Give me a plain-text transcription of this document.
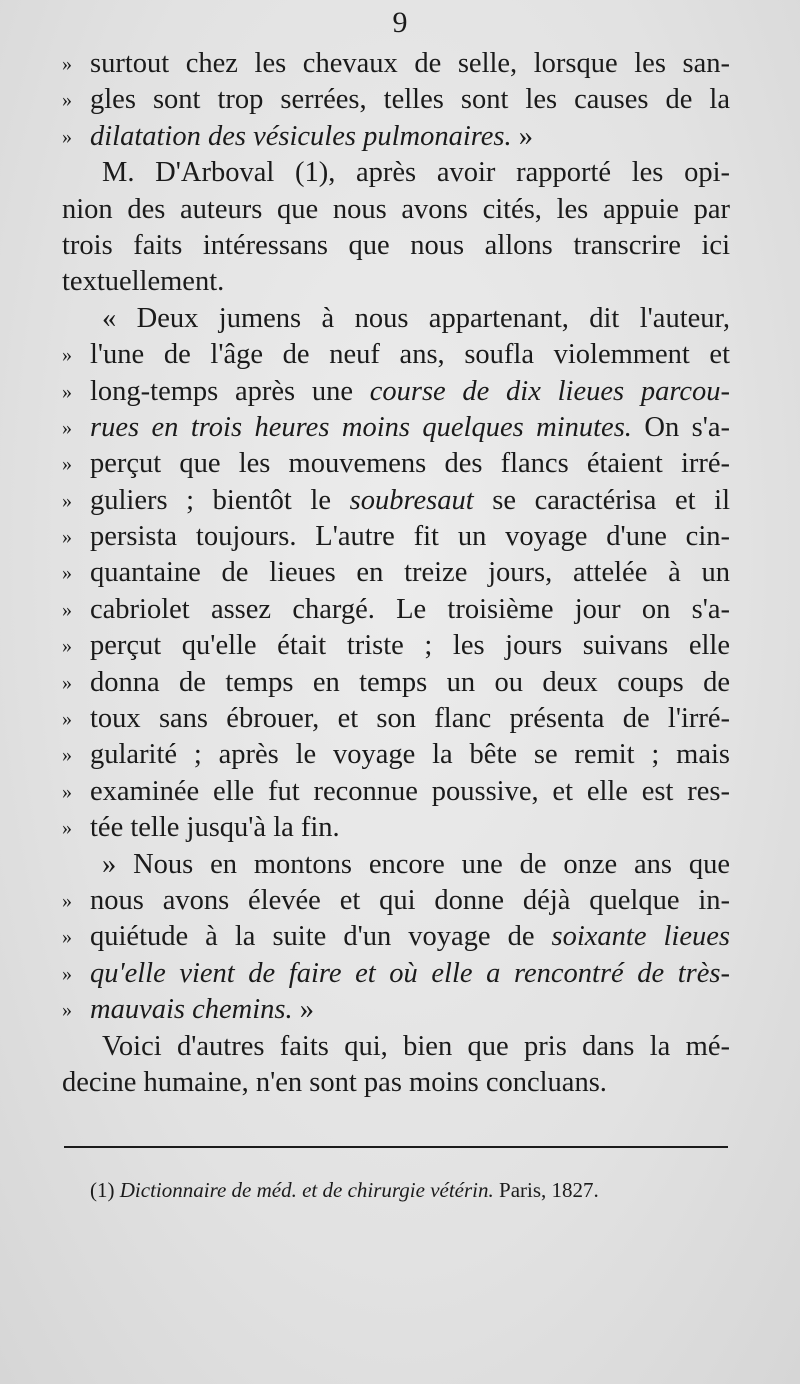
9
» surtout chez les chevaux de selle, lorsque les san-
» gles sont trop serrées, telles sont les causes de la
» dilatation des vésicules pulmonaires. »
M. D'Arboval (1), après avoir rapporté les opi-
nion des auteurs que nous avons cités, les appuie par
trois faits intéressans que nous allons transcrire ici
textuellement.
« Deux jumens à nous appartenant, dit l'auteur,
» l'une de l'âge de neuf ans, soufla violemment et
» long-temps après une course de dix lieues parcou-
» rues en trois heures moins quelques minutes. On s'a-
» perçut que les mouvemens des flancs étaient irré-
» guliers ; bientôt le soubresaut se caractérisa et il
» persista toujours. L'autre fit un voyage d'une cin-
» quantaine de lieues en treize jours, attelée à un
» cabriolet assez chargé. Le troisième jour on s'a-
» perçut qu'elle était triste ; les jours suivans elle
» donna de temps en temps un ou deux coups de
» toux sans ébrouer, et son flanc présenta de l'irré-
» gularité ; après le voyage la bête se remit ; mais
» examinée elle fut reconnue poussive, et elle est res-
» tée telle jusqu'à la fin.
» Nous en montons encore une de onze ans que
» nous avons élevée et qui donne déjà quelque in-
» quiétude à la suite d'un voyage de soixante lieues
» qu'elle vient de faire et où elle a rencontré de très-
» mauvais chemins. »
Voici d'autres faits qui, bien que pris dans la mé-
decine humaine, n'en sont pas moins concluans.
(1) Dictionnaire de méd. et de chirurgie vétérin. Paris, 1827.
